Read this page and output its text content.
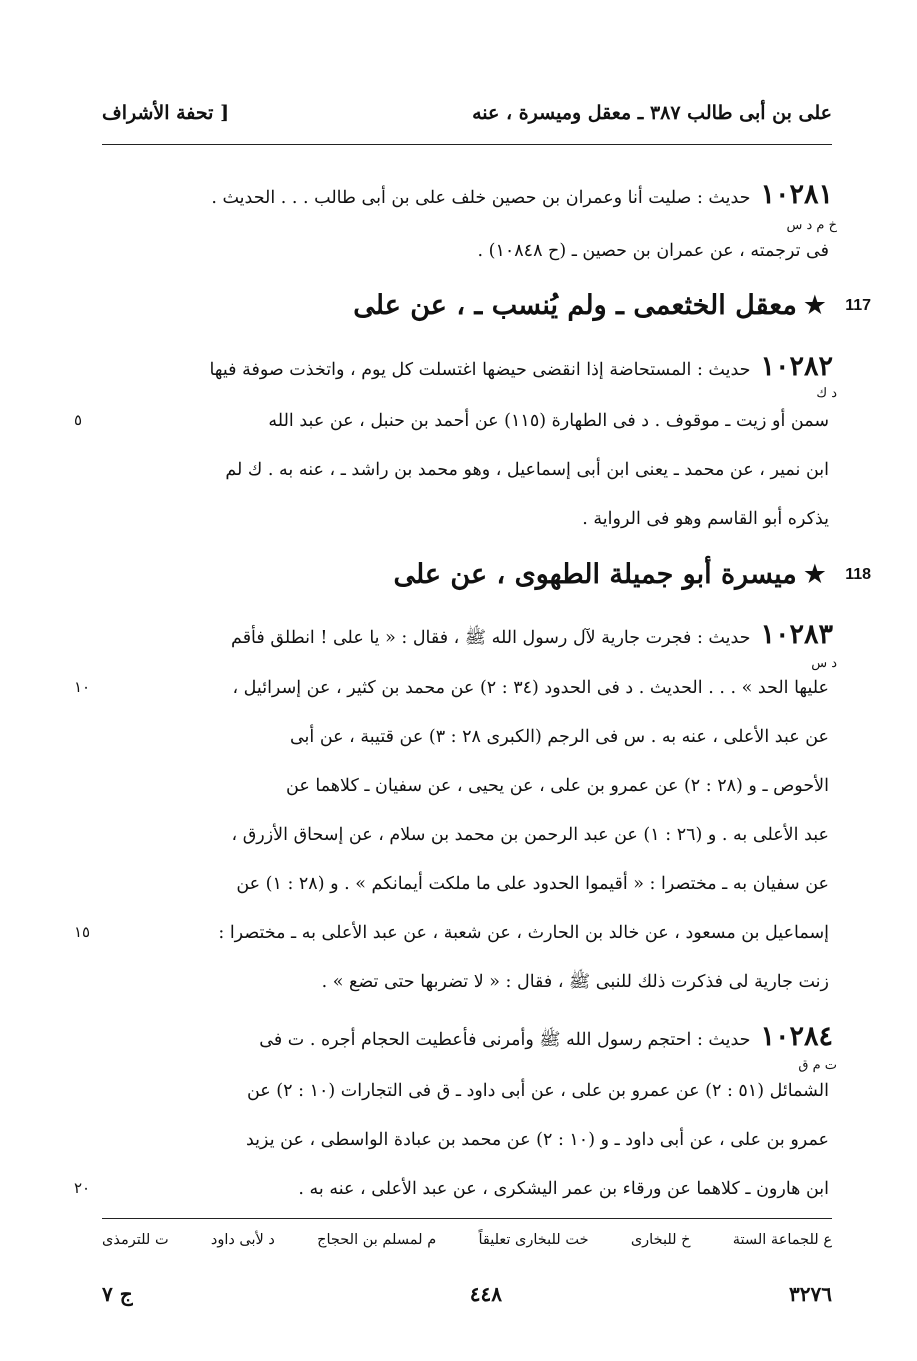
على بن أبى طالب ٣٨٧ ـ معقل وميسرة ، عنه
[ تحفة الأشراف
١٠٢٨١حديث : صليت أنا وعمران بن حصين خلف على بن أبى طالب . . . الحديث .
خ م د س
فى ترجمته ، عن عمران بن حصين ـ (ح ١٠٨٤٨) .
117
★معقل الخثعمى ـ ولم يُنسب ـ ، عن على
١٠٢٨٢حديث : المستحاضة إذا انقضى حيضها اغتسلت كل يوم ، واتخذت صوفة فيها
د ك
سمن أو زيت ـ موقوف . د فى الطهارة (١١٥) عن أحمد بن حنبل ، عن عبد الله
ابن نمير ، عن محمد ـ يعنى ابن أبى إسماعيل ، وهو محمد بن راشد ـ ، عنه به . ك لم
يذكره أبو القاسم وهو فى الرواية .
118
★ميسرة أبو جميلة الطهوى ، عن على
١٠٢٨٣حديث : فجرت جارية لآل رسول الله ﷺ ، فقال : « يا على ! انطلق فأقم
د س
عليها الحد » . . . الحديث . د فى الحدود (٣٤ : ٢) عن محمد بن كثير ، عن إسرائيل ،
عن عبد الأعلى ، عنه به . س فى الرجم (الكبرى ٢٨ : ٣) عن قتيبة ، عن أبى
الأحوص ـ و (٢٨ : ٢) عن عمرو بن على ، عن يحيى ، عن سفيان ـ كلاهما عن
عبد الأعلى به . و (٢٦ : ١) عن عبد الرحمن بن محمد بن سلام ، عن إسحاق الأزرق ،
عن سفيان به ـ مختصرا : « أقيموا الحدود على ما ملكت أيمانكم » . و (٢٨ : ١) عن
إسماعيل بن مسعود ، عن خالد بن الحارث ، عن شعبة ، عن عبد الأعلى به ـ مختصرا :
زنت جارية لى فذكرت ذلك للنبى ﷺ ، فقال : « لا تضربها حتى تضع » .
١٠٢٨٤حديث : احتجم رسول الله ﷺ وأمرنى فأعطيت الحجام أجره . ت فى
ت م ق
الشمائل (٥١ : ٢) عن عمرو بن على ، عن أبى داود ـ ق فى التجارات (١٠ : ٢) عن
عمرو بن على ، عن أبى داود ـ و (١٠ : ٢) عن محمد بن عبادة الواسطى ، عن يزيد
ابن هارون ـ كلاهما عن ورقاء بن عمر اليشكرى ، عن عبد الأعلى ، عنه به .
٥
١٠
١٥
٢٠
ع للجماعة الستة
خ للبخارى
خت للبخارى تعليقاً
م لمسلم بن الحجاج
د لأبى داود
ت للترمذى
٣٢٧٦
٤٤٨
ج ٧
